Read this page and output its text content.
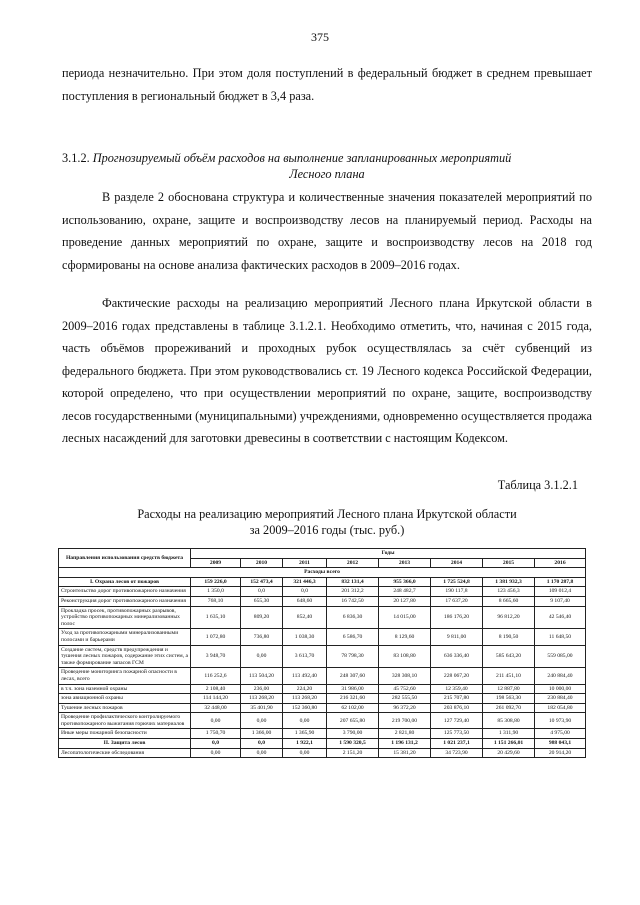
375

периода незначительно. При этом доля поступлений в федеральный бюджет в среднем превышает поступления в региональный бюджет в 3,4 раза.

3.1.2. Прогнозируемый объём расходов на выполнение запланированных мероприятий
Лесного плана

В разделе 2 обоснована структура и количественные значения показателей мероприятий по использованию, охране, защите и воспроизводству лесов на планируемый период. Расходы на проведение данных мероприятий по охране, защите и воспроизводству лесов на 2018 год сформированы на основе анализа фактических расходов в 2009–2016 годах.

Фактические расходы на реализацию мероприятий Лесного плана Иркутской области в 2009–2016 годах представлены в таблице 3.1.2.1. Необходимо отметить, что, начиная с 2015 года, часть объёмов прореживаний и проходных рубок осуществлялась за счёт субвенций из федерального бюджета. При этом руководствовались ст. 19 Лесного кодекса Российской Федерации, которой определено, что при осуществлении мероприятий по охране, защите, воспроизводству лесов государственными (муниципальными) учреждениями, одновременно осуществляется продажа лесных насаждений для заготовки древесины в соответствии с настоящим Кодексом.

Таблица 3.1.2.1
Расходы на реализацию мероприятий Лесного плана Иркутской области
за 2009–2016 годы (тыс. руб.)
Направления использования средств бюджета	Годы							
	2009	2010	2011	2012	2013	2014	2015	2016
Расходы всего								
I. Охрана лесов от пожаров	159 226,0	152 473,4	321 446,3	832 131,4	955 366,0	1 725 524,8	1 381 932,3	1 170 287,8
Строительство дорог противопожарного назначения	1 350,0	0,0	0,0	201 312,2	248 482,7	190 117,8	123 456,3	109 012,4
Реконструкция дорог противопожарного назначения	768,10	655,30	648,60	16 742,50	20 127,80	17 637,20	8 665,60	9 107,40
Прокладка просек, противопожарных разрывов, устройство противопожарных минерализованных полос	1 635,10	809,20	852,40	6 836,30	14 015,00	186 176,20	96 812,20	42 546,40
Уход за противопожарными минерализованными полосами и барьерами	1 072,80	736,80	1 038,30	6 586,70	8 129,60	9 811,00	8 190,50	11 648,50
Создание систем, средств предупреждения и тушения лесных пожаров, содержание этих систем, а также формирование запасов ГСМ	3 948,70	0,00	3 613,70	78 798,30	83 108,80	636 336,40	585 643,20	559 085,00
Проведение мониторинга пожарной опасности в лесах, всего	116 252,6	113 504,20	113 492,40	248 307,60	328 308,10	228 067,20	211 451,10	240 884,40
в т.ч. зона наземной охраны	2 108,40	236,00	224,20	31 986,00	45 752,60	12 359,40	12 887,80	10 000,00
зона авиационной охраны	114 144,20	113 268,20	113 268,20	216 321,60	282 555,50	215 707,80	198 563,30	230 884,40
Тушение лесных пожаров	32 448,00	35 401,90	152 360,80	62 102,00	96 372,20	203 876,10	261 092,70	182 054,80
Проведение профилактического контролируемого противопожарного выжигания горючих материалов	0,00	0,00	0,00	207 655,80	219 700,00	127 729,40	85 308,80	10 973,90
Иные меры пожарной безопасности	1 750,70	1 366,00	1 365,90	3 790,00	2 821,80	125 773,50	1 311,90	4 975,00
II. Защита лесов	0,0	0,0	1 922,1	1 590 320,5	1 196 131,2	1 021 237,1	1 151 266,01	988 043,1
Лесопатологические обследования	0,00	0,00	0,00	2 151,20	15 381,20	34 723,90	20 429,60	20 914,20
